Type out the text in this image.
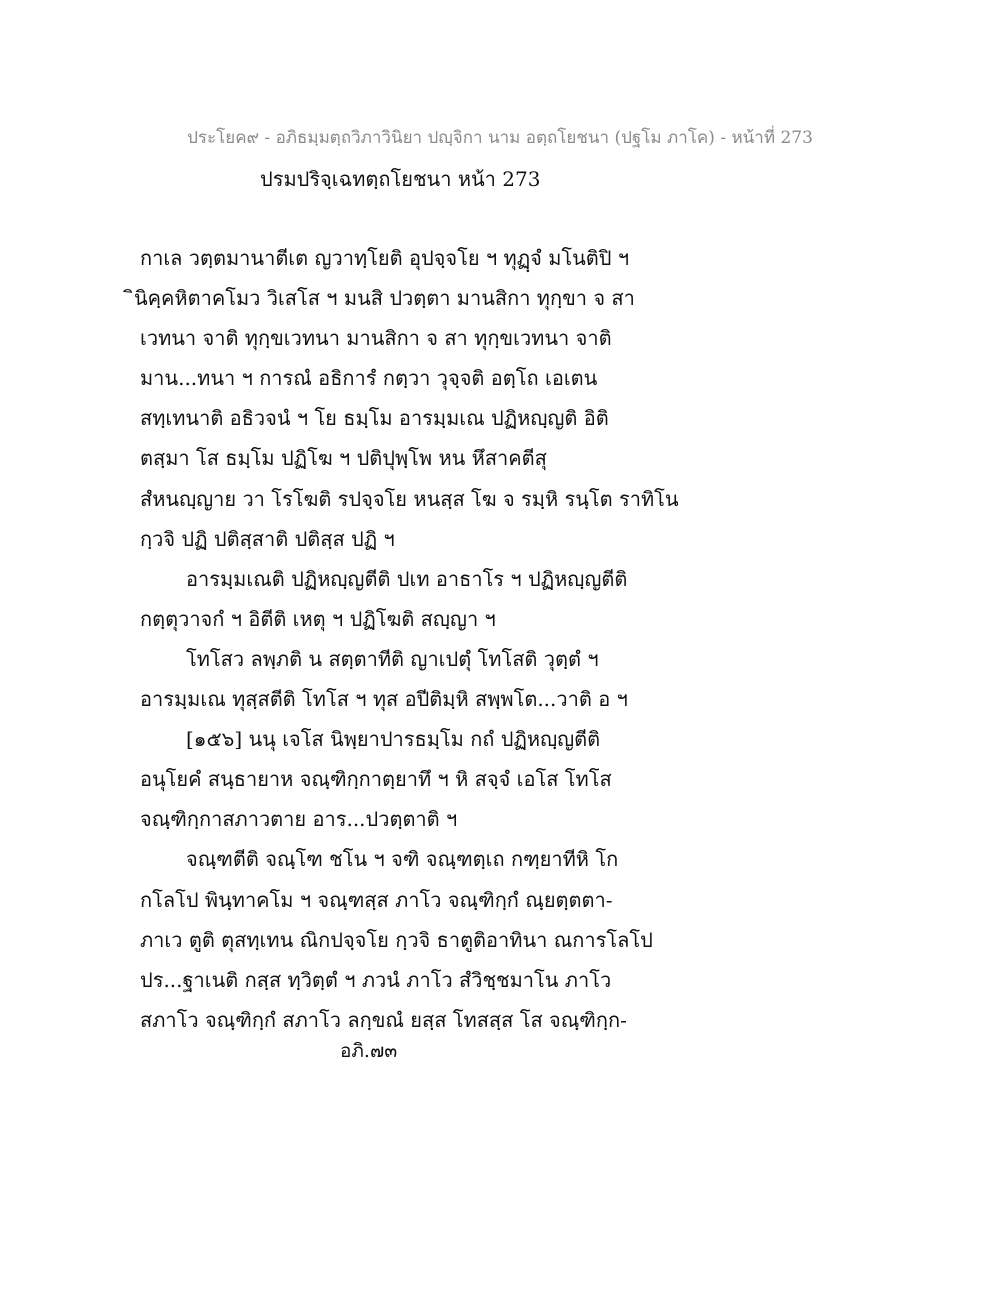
ประโยค๙ - อภิธมฺมตฺถวิภาวินิยา ปญฺจิกา นาม อตฺถโยชนา (ปฐโม ภาโค) - หน้าที่ 273
ปรมปริจฺเฉทตฺถโยชนา หน้า 273
กาเล วตฺตมานาตีเต ญวาทฺโยติ อุปจฺจโย ฯ ทุฏฺจํ มโนติปิ ฯ
ินิคฺคหิตาคโมว วิเสโส ฯ มนสิ ปวตฺตา มานสิกา ทุกฺขา จ สา
เวทนา จาติ ทุกฺขเวทนา มานสิกา จ สา ทุกฺขเวทนา จาติ
มาน...ทนา ฯ การณํ อธิการํ กตฺวา วุจฺจติ อตฺโถ เอเตน
สทฺเทนาติ อธิวจนํ ฯ โย ธมฺโม อารมฺมเณ ปฏิหญฺญติ อิติ
ตสฺมา โส ธมฺโม ปฏิโฆ ฯ ปติปุพฺโพ หน หึสาคตีสุ
สํหนญฺญาย วา โรโฆติ รปจฺจโย หนสฺส โฆ จ รมฺหิ รนฺโต ราทิโน
กฺวจิ ปฏิ ปติสฺสาติ ปติสฺส ปฏิ ฯ
อารมฺมเณติ ปฏิหญฺญตีติ ปเท อาธาโร ฯ ปฏิหญฺญตีติ
กตฺตุวาจกํ ฯ อิตีติ เหตุ ฯ ปฏิโฆติ สญฺญา ฯ
โทโสว ลพฺภติ น สตฺตาทีติ ญาเปตุํ โทโสติ วุตฺตํ ฯ
อารมฺมเณ ทุสฺสตีติ โทโส ฯ ทุส อปีติมฺหิ สพฺพโต...วาติ อ ฯ
[๑๕๖] นนุ เจโส นิพฺยาปารธมฺโม กถํ ปฏิหญฺญตีติ
อนุโยคํ สนฺธายาห จณฺฑิกฺกาตฺยาทึ ฯ หิ สจฺจํ เอโส โทโส
จณฺฑิกฺกาสภาวตาย อาร...ปวตฺตาติ ฯ
จณฺฑตีติ จณฺโฑ ชโน ฯ จฑิ จณฺฑตฺเถ กฑฺยาทีหิ โก
กโลโป พินฺทาคโม ฯ จณฺฑสฺส ภาโว จณฺฑิกฺกํ ณฺยตฺตตา-
ภาเว ตูติ ตุสทฺเทน ณิกปจฺจโย กฺวจิ ธาตูติอาทินา ณการโลโป
ปร...ฐาเนติ กสฺส ทฺวิตฺตํ ฯ ภวนํ ภาโว สํวิชฺชมาโน ภาโว
สภาโว จณฺฑิกฺกํ สภาโว ลกฺขณํ ยสฺส โทสสฺส โส จณฺฑิกฺก-
อภิ.๗๓
